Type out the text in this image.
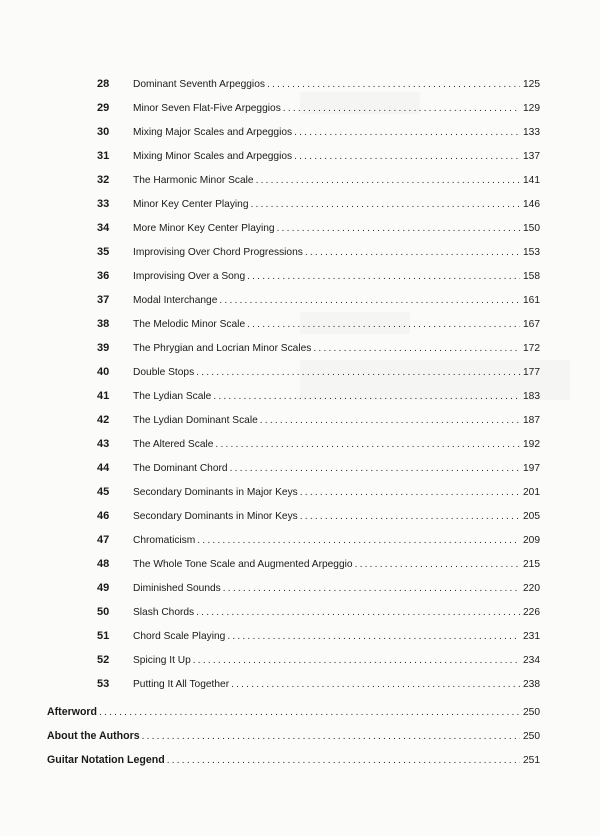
28	Dominant Seventh Arpeggios .....	125
29	Minor Seven Flat-Five Arpeggios .....	129
30	Mixing Major Scales and Arpeggios .....	133
31	Mixing Minor Scales and Arpeggios .....	137
32	The Harmonic Minor Scale .....	141
33	Minor Key Center Playing .....	146
34	More Minor Key Center Playing .....	150
35	Improvising Over Chord Progressions .....	153
36	Improvising Over a Song .....	158
37	Modal Interchange .....	161
38	The Melodic Minor Scale .....	167
39	The Phrygian and Locrian Minor Scales .....	172
40	Double Stops .....	177
41	The Lydian Scale .....	183
42	The Lydian Dominant Scale .....	187
43	The Altered Scale .....	192
44	The Dominant Chord .....	197
45	Secondary Dominants in Major Keys .....	201
46	Secondary Dominants in Minor Keys .....	205
47	Chromaticism .....	209
48	The Whole Tone Scale and Augmented Arpeggio .....	215
49	Diminished Sounds .....	220
50	Slash Chords .....	226
51	Chord Scale Playing .....	231
52	Spicing It Up .....	234
53	Putting It All Together .....	238
Afterword .....	250
About the Authors .....	250
Guitar Notation Legend .....	251
